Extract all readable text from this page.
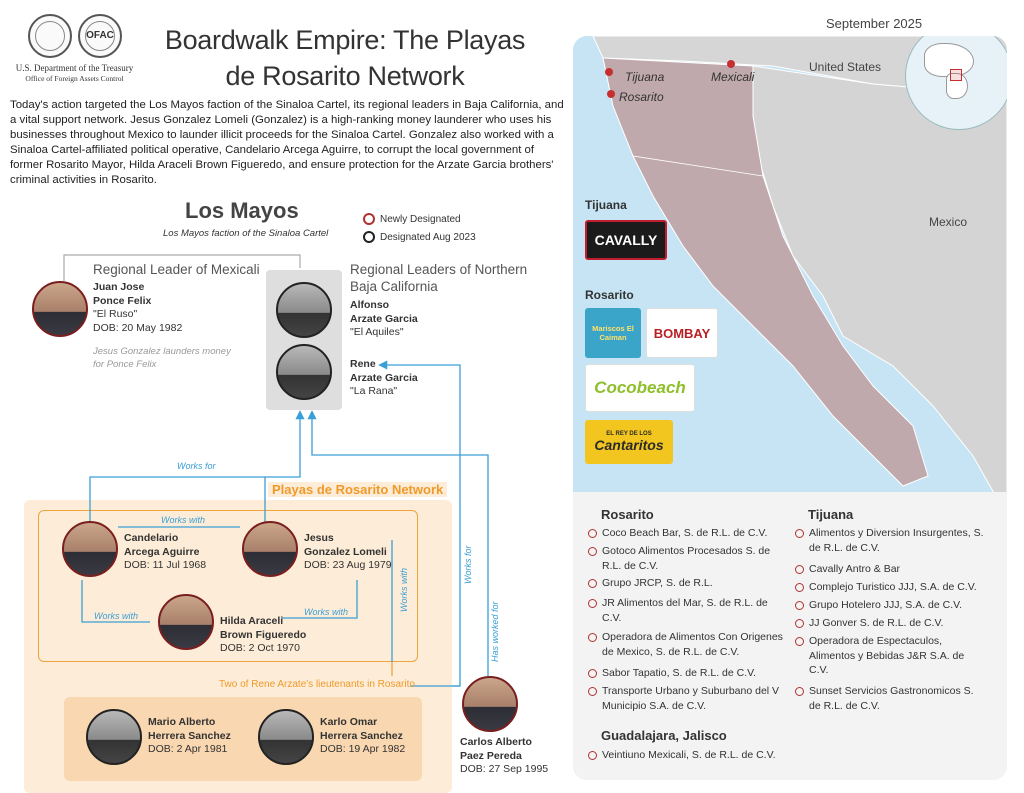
OFAC
U.S. Department of the Treasury
Office of Foreign Assets Control
Boardwalk Empire: The Playas
de Rosarito Network
September 2025
Today's action targeted the Los Mayos faction of the Sinaloa Cartel, its regional leaders in Baja California, and a vital support network. Jesus Gonzalez Lomeli (Gonzalez) is a high-ranking money launderer who uses his businesses throughout Mexico to launder illicit proceeds for the Sinaloa Cartel. Gonzalez also worked with a Sinaloa Cartel-affiliated political operative, Candelario Arcega Aguirre, to corrupt the local government of former Rosarito Mayor, Hilda Araceli Brown Figueredo, and ensure protection for the Arzate Garcia brothers' criminal activities in Rosarito.
Los Mayos
Los Mayos faction of the Sinaloa Cartel
Newly Designated
Designated Aug 2023
Regional Leader of Mexicali
Juan Jose
Ponce Felix
"El Ruso"
DOB: 20 May 1982
Jesus Gonzalez launders money
for Ponce Felix
Regional Leaders of Northern
Baja California
Alfonso
Arzate Garcia
"El Aquiles"
Rene
Arzate Garcia
"La Rana"
Playas de Rosarito Network
Works for
Works with
Works with	Works with	Works with
Works for
Has worked for
Candelario
Arcega Aguirre
DOB: 11 Jul 1968
Jesus
Gonzalez Lomeli
DOB: 23 Aug 1979
Hilda Araceli
Brown Figueredo
DOB: 2 Oct 1970
Two of Rene Arzate's lieutenants in Rosarito
Mario Alberto
Herrera Sanchez
DOB: 2 Apr 1981
Karlo Omar
Herrera Sanchez
DOB: 19 Apr 1982
Carlos Alberto
Paez Pereda
DOB: 27 Sep 1995
Tijuana
Rosarito
Mexicali
United States
Mexico
Tijuana
CAVALLY
Rosarito
Mariscos El Caiman	BOMBAY
Cocobeach
EL REY DE LOS
Cantaritos
Rosarito
Coco Beach Bar, S. de R.L. de C.V.
Gotoco Alimentos Procesados S. de R.L. de C.V.
Grupo JRCP, S. de R.L.
JR Alimentos del Mar, S. de R.L. de C.V.
Operadora de Alimentos Con Origenes de Mexico, S. de R.L. de C.V.
Sabor Tapatio, S. de R.L. de C.V.
Transporte Urbano y Suburbano del V Municipio S.A. de C.V.
Guadalajara, Jalisco
Veintiuno Mexicali, S. de R.L. de C.V.
Tijuana
Alimentos y Diversion Insurgentes, S. de R.L. de C.V.
Cavally Antro & Bar
Complejo Turistico JJJ, S.A. de C.V.
Grupo Hotelero JJJ, S.A. de C.V.
JJ Gonver S. de R.L. de C.V.
Operadora de Espectaculos, Alimentos y Bebidas J&R S.A. de C.V.
Sunset Servicios Gastronomicos S. de R.L. de C.V.
